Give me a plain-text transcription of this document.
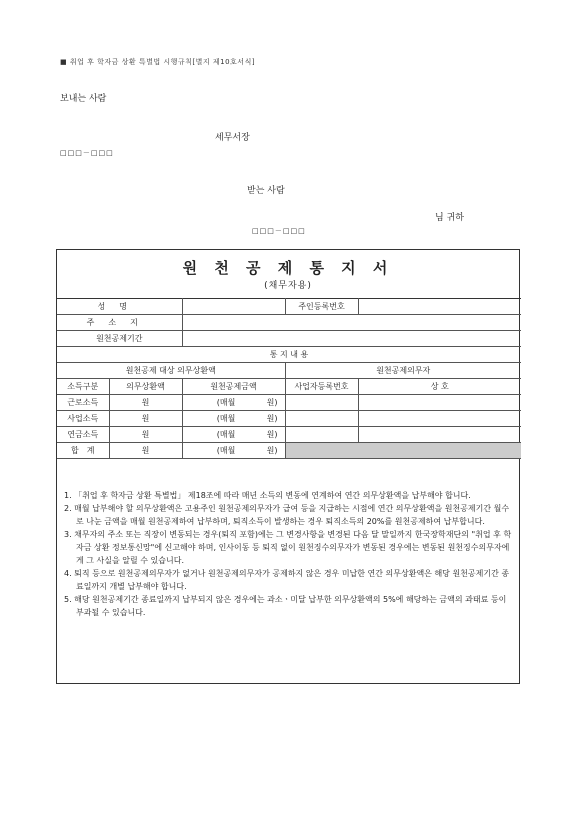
■ 취업 후 학자금 상환 특별법 시행규칙[별지 제10호서식]
보내는 사람
세무서장
□□□－□□□
받는 사람
님 귀하
□□□－□□□
원 천 공 제 통 지 서
(채무자용)
성명			주인등록번호	
주소지				
원천공제기간				
통 지 내 용				
원천공제 대상 의무상환액			원천공제의무자	
소득구분	의무상환액	원천공제금액	사업자등록번호	상 호
근로소득	원	(매월 원)		

사업소득	원	(매월 원)		

연금소득	원	(매월 원)		

합　계	원	(매월 원)		

1. 「취업 후 학자금 상환 특별법」 제18조에 따라 매년 소득의 변동에 연계하여 연간 의무상환액을 납부해야 합니다.

2. 매월 납부해야 할 의무상환액은 고용주인 원천공제의무자가 급여 등을 지급하는 시점에 연간 의무상환액을 원천공제기간 월수로 나눈 금액을 매월 원천공제하여 납부하며, 퇴직소득이 발생하는 경우 퇴직소득의 20%를 원천공제하여 납부합니다.

3. 채무자의 주소 또는 직장이 변동되는 경우(퇴직 포함)에는 그 변경사항을 변경된 다음 달 말일까지 한국장학재단의 "취업 후 학자금 상환 정보통신망"에 신고해야 하며, 인사이동 등 퇴직 없이 원천징수의무자가 변동된 경우에는 변동된 원천징수의무자에게 그 사실을 알릴 수 있습니다.

4. 퇴직 등으로 원천공제의무자가 없거나 원천공제의무자가 공제하지 않은 경우 미납한 연간 의무상환액은 해당 원천공제기간 종료일까지 개별 납부해야 합니다.

5. 해당 원천공제기간 종료일까지 납부되지 않은 경우에는 과소ㆍ미달 납부한 의무상환액의 5%에 해당하는 금액의 과태료 등이 부과될 수 있습니다.
